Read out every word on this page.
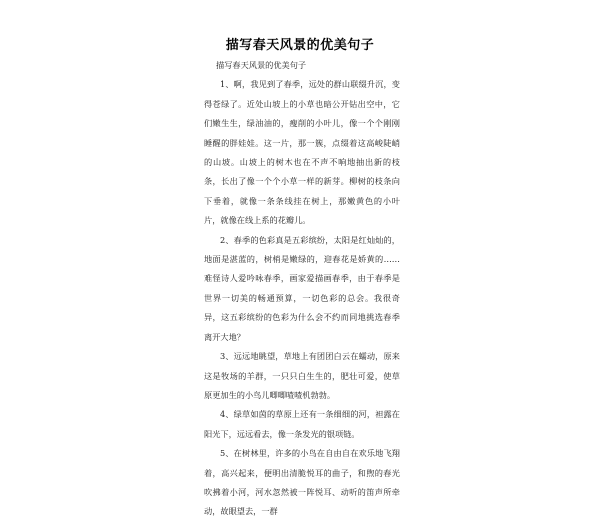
描写春天风景的优美句子

描写春天风景的优美句子

1、啊，我见到了春季，远处的群山联缀升沉，变得苍绿了。近处山坡上的小草也暗公开钻出空中，它们嫩生生，绿油油的，瘦削的小叶儿，像一个个刚刚睡醒的胖娃娃。这一片，那一簇，点缀着这高峻陡峭的山坡。山坡上的树木也在不声不响地抽出新的枝条，长出了像一个个小草一样的新芽。柳树的枝条向下垂着，就像一条条线挂在树上，那嫩黄色的小叶片，就像在线上系的花瓣儿。

2、春季的色彩真是五彩缤纷，太阳是红灿灿的，地面是湛蓝的，树梢是嫩绿的，迎春花是娇黄的……难怪诗人爱吟咏春季，画家爱描画春季，由于春季是世界一切美的畅通预算，一切色彩的总会。我很奇异，这五彩缤纷的色彩为什么会不约而同地挑选春季离开大地？

3、远远地眺望，草地上有团团白云在蠕动，原来这是牧场的羊群，一只只白生生的，肥壮可爱，使草原更加生的小鸟儿唧唧喳喳机勃勃。

4、绿草如茵的草原上还有一条细细的河，袒露在阳光下，远远看去，像一条发光的银项链。

5、在树林里，许多的小鸟在自由自在欢乐地飞翔着，高兴起来，便明出清脆悦耳的曲子，和煦的春光吹拂着小河，河水忽然被一阵悦耳、动听的笛声所牵动，故眼望去，一群
